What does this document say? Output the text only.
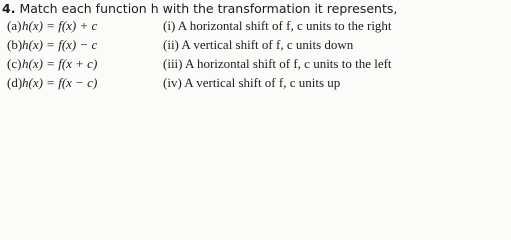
4. Match each function h with the transformation it represents,
(a) h(x) = f(x) + c	(i) A horizontal shift of f, c units to the right
(b) h(x) = f(x) − c	(ii) A vertical shift of f, c units down
(c) h(x) = f(x + c)	(iii) A horizontal shift of f, c units to the left
(d) h(x) = f(x − c)	(iv) A vertical shift of f, c units up
